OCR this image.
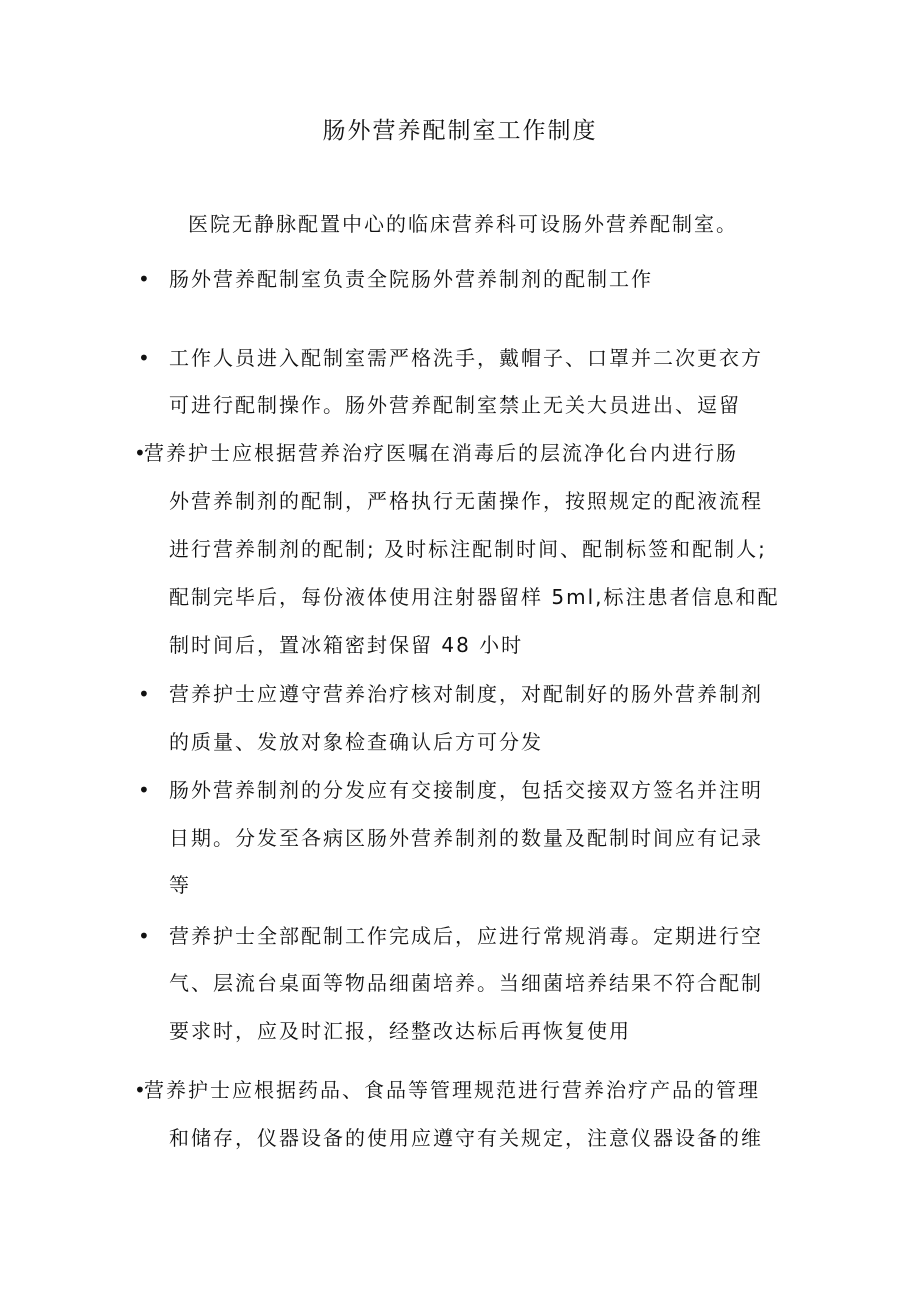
肠外营养配制室工作制度
医院无静脉配置中心的临床营养科可设肠外营养配制室。
• 肠外营养配制室负责全院肠外营养制剂的配制工作
• 工作人员进入配制室需严格洗手，戴帽子、口罩并二次更衣方
可进行配制操作。肠外营养配制室禁止无关大员进出、逗留
•
营养护士应根据营养治疗医嘱在消毒后的层流净化台内进行肠
外营养制剂的配制，严格执行无菌操作，按照规定的配液流程
进行营养制剂的配制; 及时标注配制时间、配制标签和配制人;
配制完毕后，每份液体使用注射器留样 5ml,标注患者信息和配
制时间后，置冰箱密封保留 48 小时
• 营养护士应遵守营养治疗核对制度，对配制好的肠外营养制剂
的质量、发放对象检查确认后方可分发
• 肠外营养制剂的分发应有交接制度，包括交接双方签名并注明
日期。分发至各病区肠外营养制剂的数量及配制时间应有记录
等
• 营养护士全部配制工作完成后，应进行常规消毒。定期进行空
气、层流台桌面等物品细菌培养。当细菌培养结果不符合配制
要求时，应及时汇报，经整改达标后再恢复使用
•
营养护士应根据药品、食品等管理规范进行营养治疗产品的管理
和储存，仪器设备的使用应遵守有关规定，注意仪器设备的维
